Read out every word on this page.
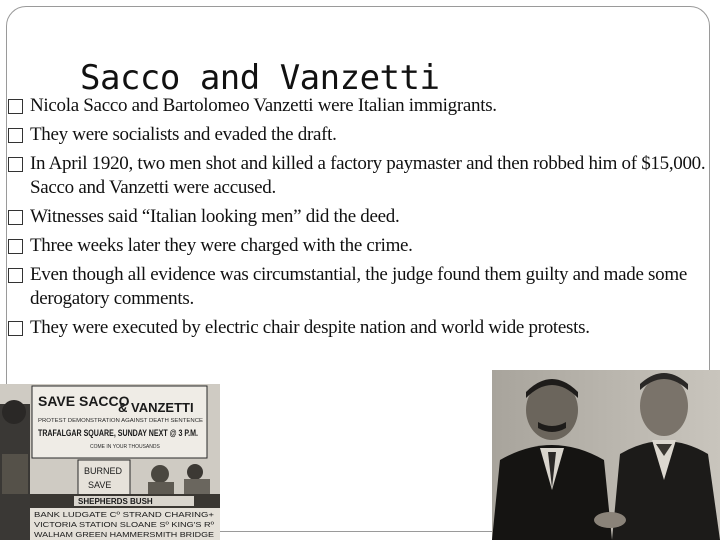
Sacco and Vanzetti
Nicola Sacco and Bartolomeo Vanzetti were Italian immigrants.
They were socialists and evaded the draft.
In April 1920, two men shot and killed a factory paymaster and then robbed him of $15,000. Sacco and Vanzetti were accused.
Witnesses said “Italian looking men” did the deed.
Three weeks later they were charged with the crime.
Even though all evidence was circumstantial, the judge found them guilty and made some derogatory comments.
They were executed by electric chair despite nation and world wide protests.
SAVE SACCO
& VANZETTI
PROTEST DEMONSTRATION AGAINST DEATH SENTENCE
TRAFALGAR SQUARE, SUNDAY NEXT @ 3 P.M.
COME IN YOUR THOUSANDS
BURNED
SAVE
SHEPHERDS BUSH
BANK LUDGATE Cº STRAND CHARING+
VICTORIA STATION SLOANE Sº KING'S Rº
WALHAM GREEN HAMMERSMITH BRIDGE
